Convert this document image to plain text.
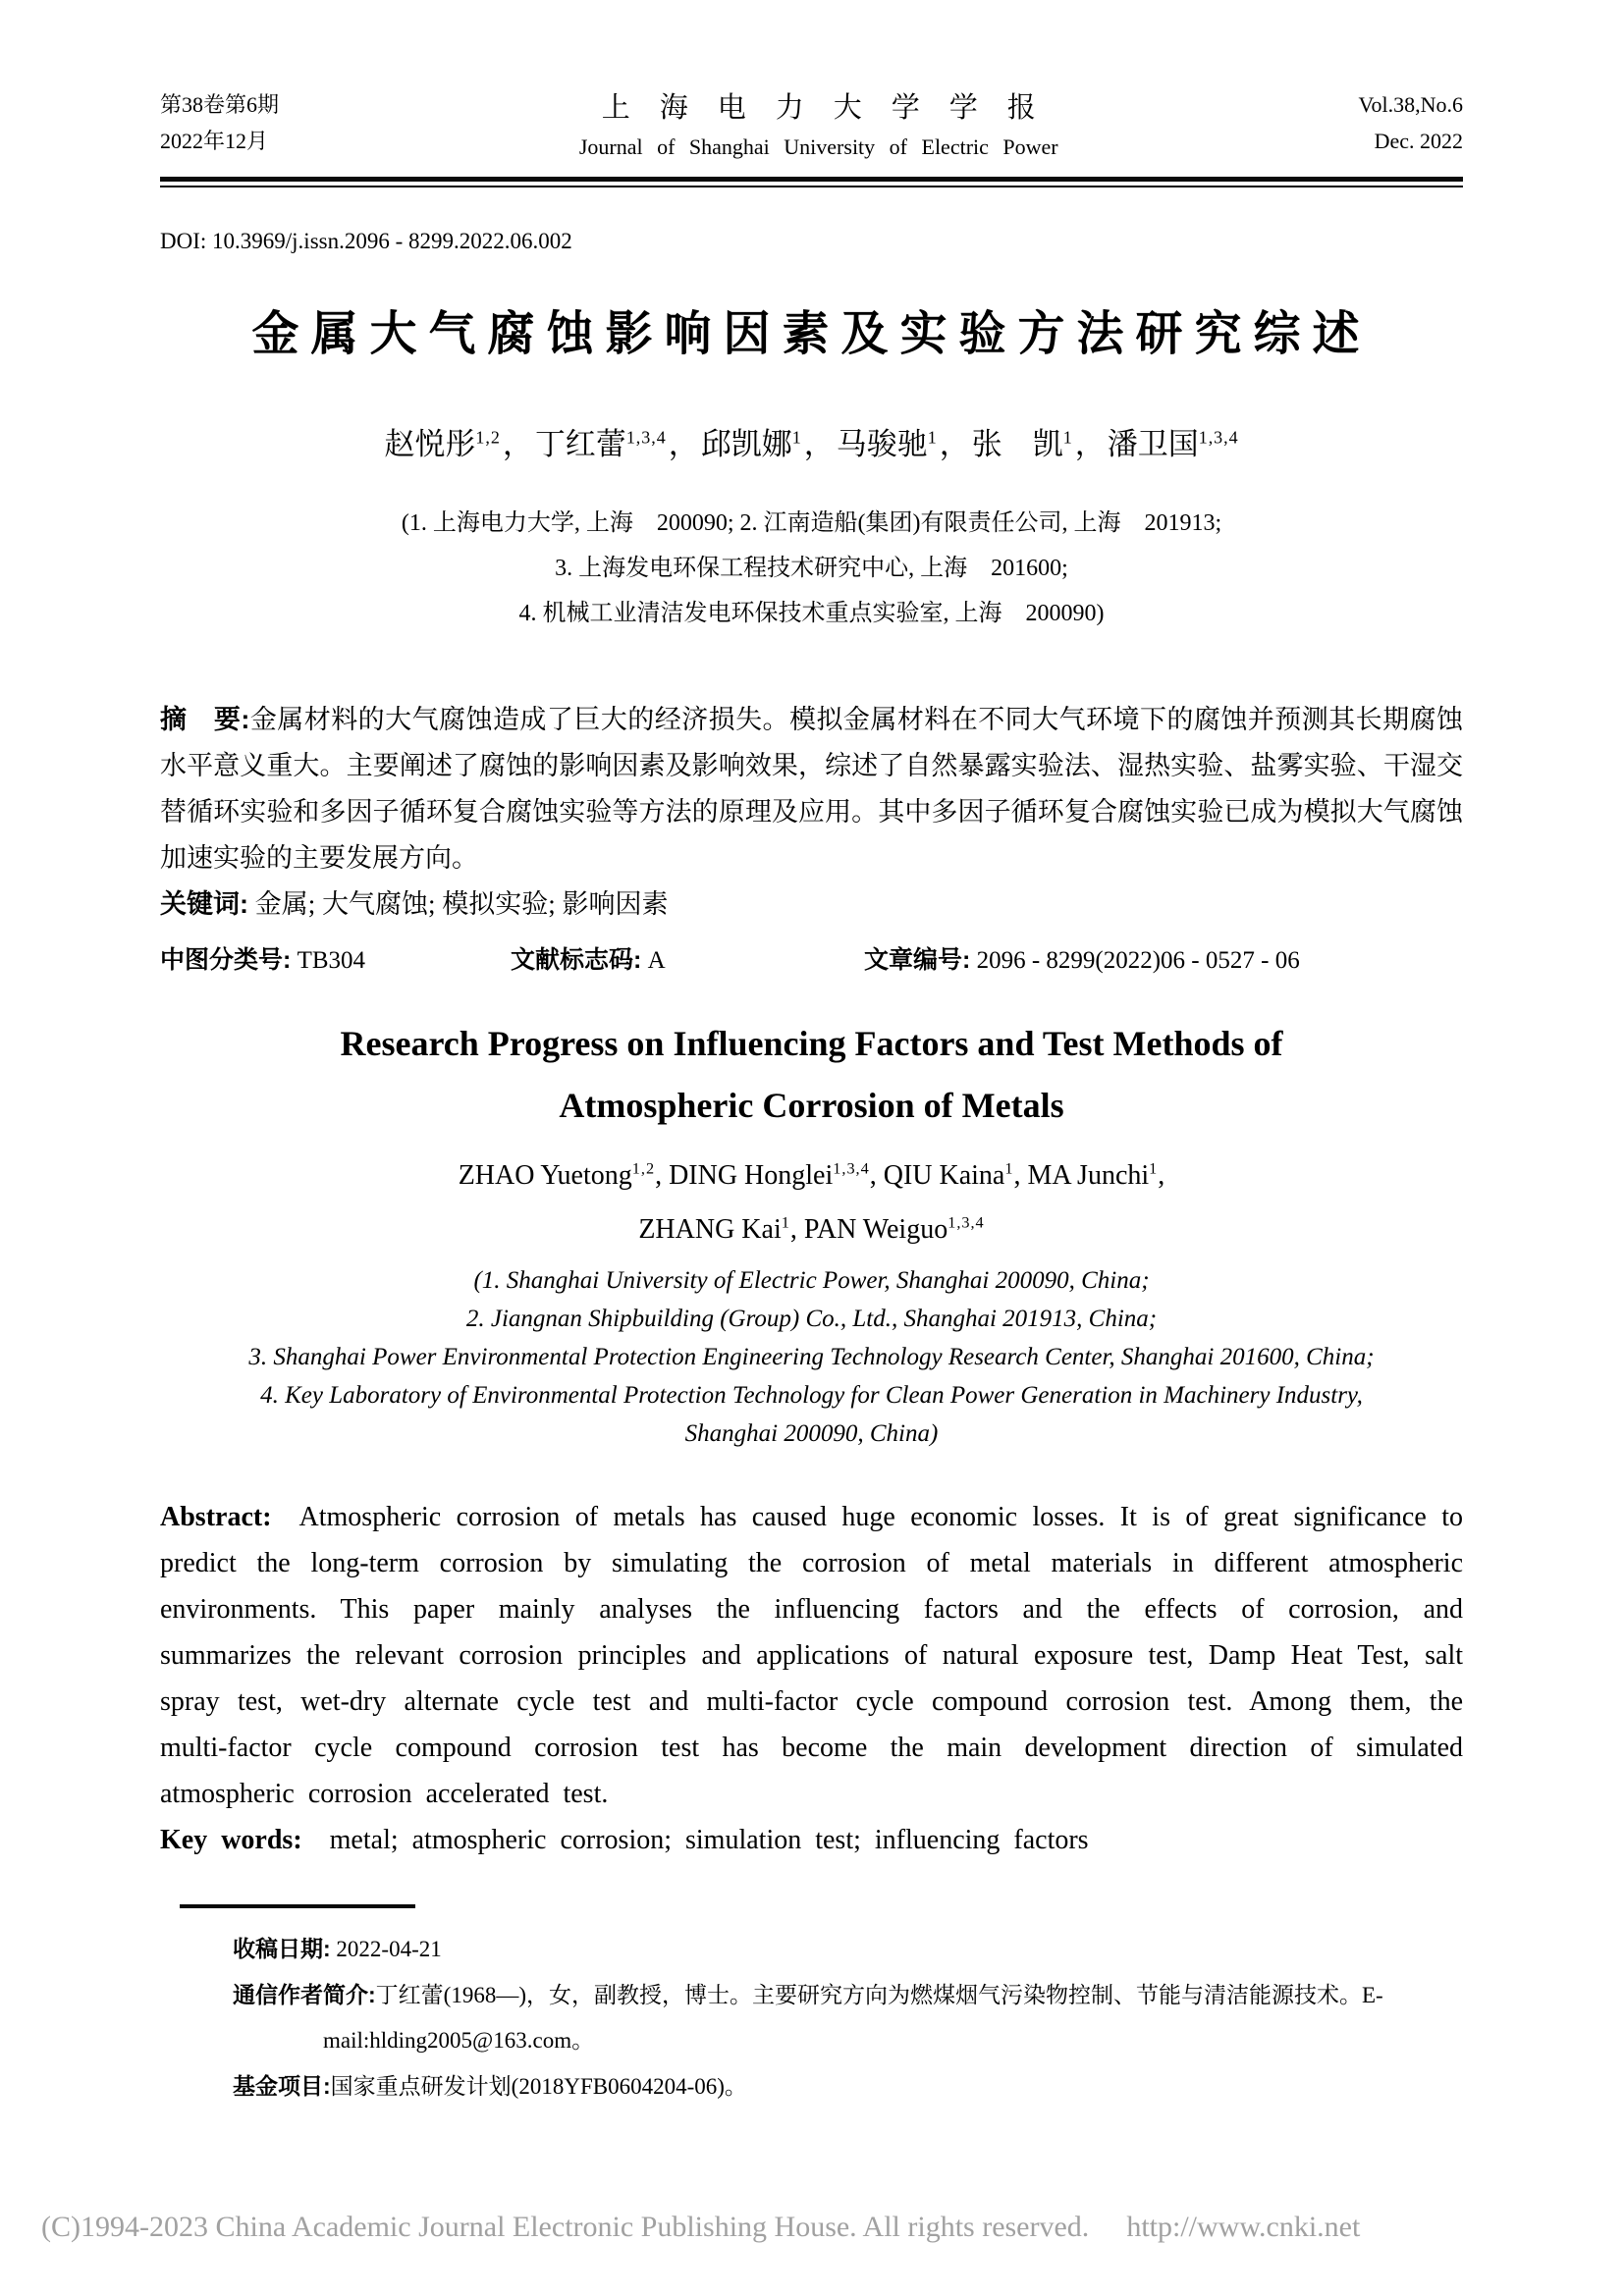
第38卷第6期
2022年12月
上海电力大学学报
Journal of Shanghai University of Electric Power
Vol.38,No.6
Dec. 2022
DOI: 10.3969/j.issn.2096 - 8299.2022.06.002
金属大气腐蚀影响因素及实验方法研究综述
赵悦彤$^{1,2}$，丁红蕾$^{1,3,4}$，邱凯娜$^1$，马骏驰$^1$，张　凯$^1$，潘卫国$^{1,3,4}$
(1. 上海电力大学, 上海　200090; 2. 江南造船(集团)有限责任公司, 上海　201913;
3. 上海发电环保工程技术研究中心, 上海　201600;
4. 机械工业清洁发电环保技术重点实验室, 上海　200090)

摘　要:金属材料的大气腐蚀造成了巨大的经济损失。模拟金属材料在不同大气环境下的腐蚀并预测其长期腐蚀水平意义重大。主要阐述了腐蚀的影响因素及影响效果，综述了自然暴露实验法、湿热实验、盐雾实验、干湿交替循环实验和多因子循环复合腐蚀实验等方法的原理及应用。其中多因子循环复合腐蚀实验已成为模拟大气腐蚀加速实验的主要发展方向。

关键词: 金属; 大气腐蚀; 模拟实验; 影响因素

中图分类号: TB304	文献标志码: A	文章编号: 2096 - 8299(2022)06 - 0527 - 06
Research Progress on Influencing Factors and Test Methods of
Atmospheric Corrosion of Metals
ZHAO Yuetong$^{1,2}$, DING Honglei$^{1,3,4}$, QIU Kaina$^1$, MA Junchi$^1$,
ZHANG Kai$^1$, PAN Weiguo$^{1,3,4}$
(1. Shanghai University of Electric Power, Shanghai 200090, China;
2. Jiangnan Shipbuilding (Group) Co., Ltd., Shanghai 201913, China;
3. Shanghai Power Environmental Protection Engineering Technology Research Center, Shanghai 201600, China;
4. Key Laboratory of Environmental Protection Technology for Clean Power Generation in Machinery Industry,
Shanghai 200090, China)

Abstract: Atmospheric corrosion of metals has caused huge economic losses. It is of great significance to predict the long-term corrosion by simulating the corrosion of metal materials in different atmospheric environments. This paper mainly analyses the influencing factors and the effects of corrosion, and summarizes the relevant corrosion principles and applications of natural exposure test, Damp Heat Test, salt spray test, wet-dry alternate cycle test and multi-factor cycle compound corrosion test. Among them, the multi-factor cycle compound corrosion test has become the main development direction of simulated atmospheric corrosion accelerated test.

Key words: metal; atmospheric corrosion; simulation test; influencing factors

收稿日期: 2022-04-21

通信作者简介:丁红蕾(1968—)，女，副教授，博士。主要研究方向为燃煤烟气污染物控制、节能与清洁能源技术。E-mail:hlding2005@163.com。

基金项目:国家重点研发计划(2018YFB0604204-06)。

(C)1994-2023 China Academic Journal Electronic Publishing House. All rights reserved. http://www.cnki.net
